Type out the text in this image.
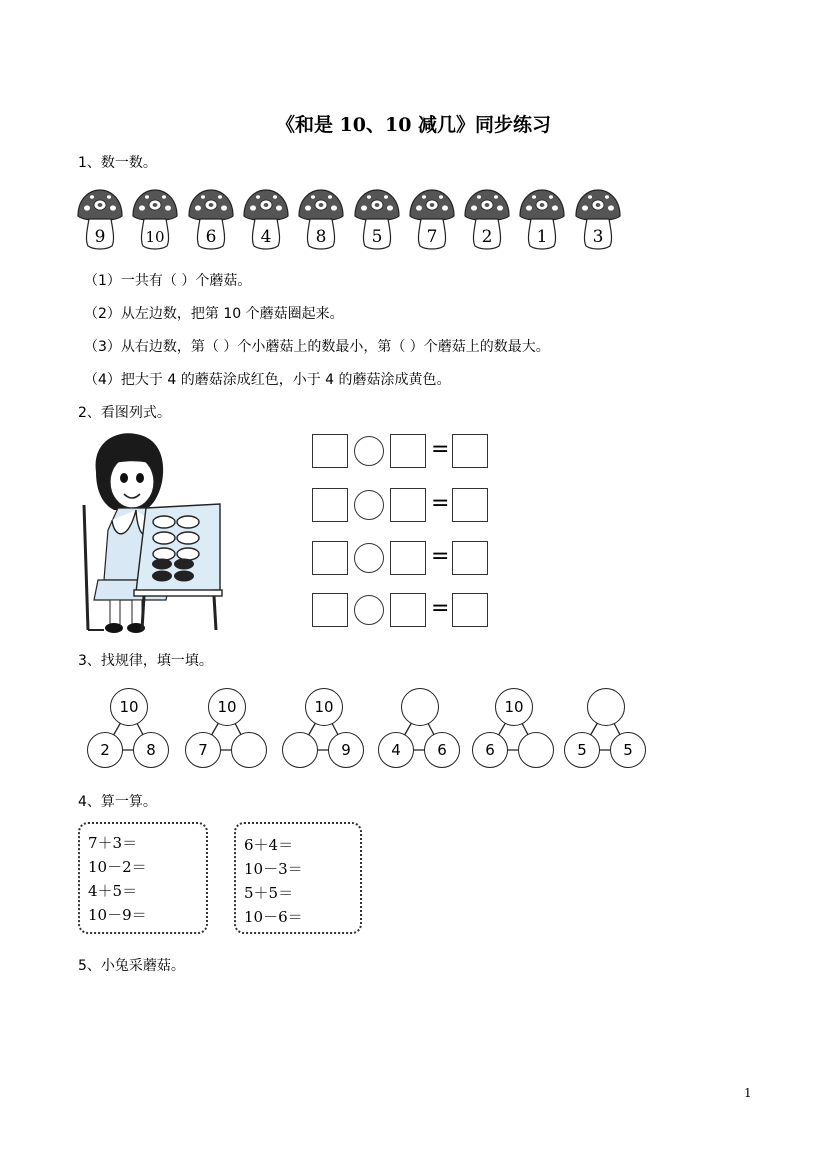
《和是 10、10 减几》同步练习
1、数一数。
9	10 6	4	8	5	7	2	1	3
（1）一共有（ ）个蘑菇。
（2）从左边数，把第 10 个蘑菇圈起来。
（3）从右边数，第（ ）个小蘑菇上的数最小，第（ ）个蘑菇上的数最大。
（4）把大于 4 的蘑菇涂成红色，小于 4 的蘑菇涂成黄色。
2、看图列式。
=
=
=
=
3、找规律，填一填。
10
2	8
10
7
10
9	4	6
10
6	5	5
4、算一算。
7＋3＝
10－2＝
4＋5＝
10－9＝
6＋4＝
10－3＝
5＋5＝
10－6＝
5、小兔采蘑菇。
1
